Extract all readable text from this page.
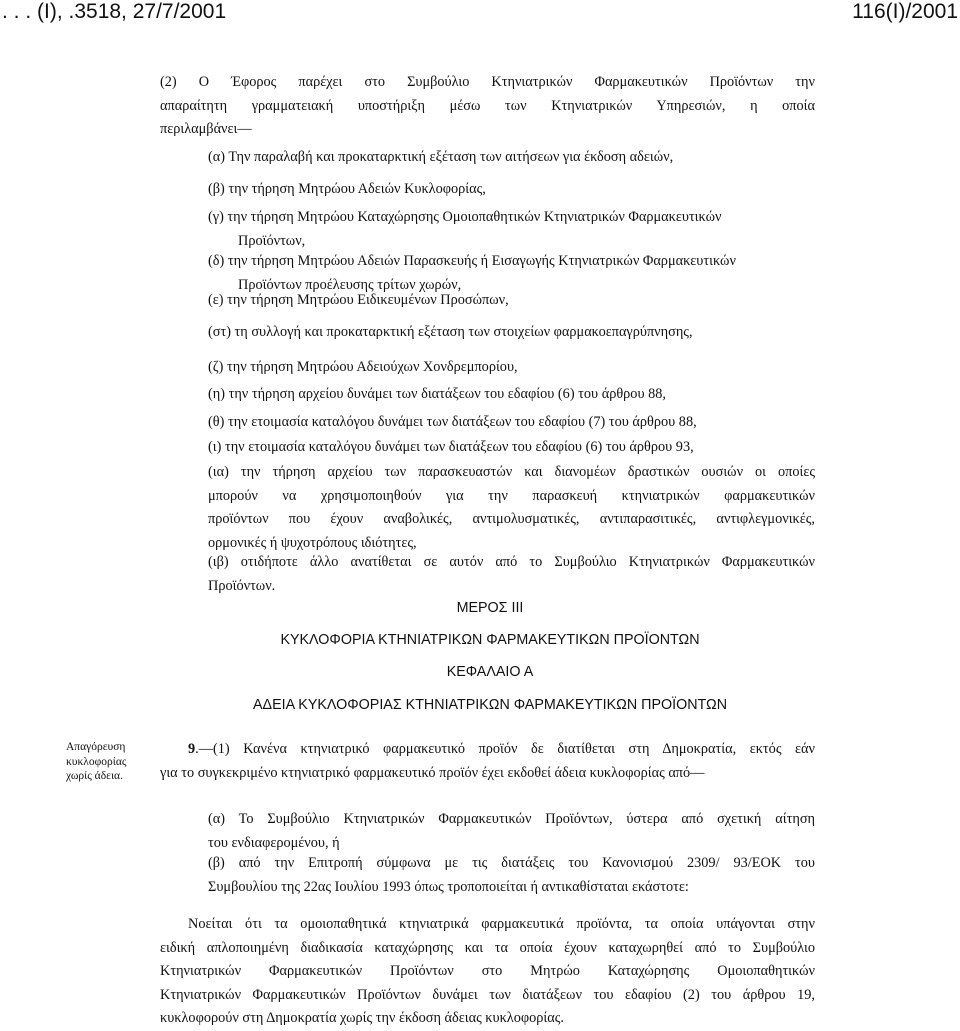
. . . (I), .3518, 27/7/2001	116(I)/2001
(2) Ο Έφορος παρέχει στο Συμβούλιο Κτηνιατρικών Φαρμακευτικών Προϊόντων την
απαραίτητη γραμματειακή υποστήριξη μέσω των Κτηνιατρικών Υπηρεσιών, η οποία
περιλαμβάνει—
(α) Την παραλαβή και προκαταρκτική εξέταση των αιτήσεων για έκδοση αδειών,
(β) την τήρηση Μητρώου Αδειών Κυκλοφορίας,
(γ) την τήρηση Μητρώου Καταχώρησης Ομοιοπαθητικών Κτηνιατρικών Φαρμακευτικών
Προϊόντων,
(δ) την τήρηση Μητρώου Αδειών Παρασκευής ή Εισαγωγής Κτηνιατρικών Φαρμακευτικών
Προϊόντων προέλευσης τρίτων χωρών,
(ε) την τήρηση Μητρώου Ειδικευμένων Προσώπων,
(στ) τη συλλογή και προκαταρκτική εξέταση των στοιχείων φαρμακοεπαγρύπνησης,
(ζ) την τήρηση Μητρώου Αδειούχων Χονδρεμπορίου,
(η) την τήρηση αρχείου δυνάμει των διατάξεων του εδαφίου (6) του άρθρου 88,
(θ) την ετοιμασία καταλόγου δυνάμει των διατάξεων του εδαφίου (7) του άρθρου 88,
(ι) την ετοιμασία καταλόγου δυνάμει των διατάξεων του εδαφίου (6) του άρθρου 93,
(ια) την τήρηση αρχείου των παρασκευαστών και διανομέων δραστικών ουσιών οι οποίες
μπορούν να χρησιμοποιηθούν για την παρασκευή κτηνιατρικών φαρμακευτικών
προϊόντων που έχουν αναβολικές, αντιμολυσματικές, αντιπαρασιτικές, αντιφλεγμονικές,
ορμονικές ή ψυχοτρόπους ιδιότητες,
(ιβ) οτιδήποτε άλλο ανατίθεται σε αυτόν από το Συμβούλιο Κτηνιατρικών Φαρμακευτικών
Προϊόντων.
ΜΕΡΟΣ ΙΙΙ
ΚΥΚΛΟΦΟΡΙΑ ΚΤΗΝΙΑΤΡΙΚΩΝ ΦΑΡΜΑΚΕΥΤΙΚΩΝ ΠΡΟΪΟΝΤΩΝ
ΚΕΦΑΛΑΙΟ Α
ΑΔΕΙΑ ΚΥΚΛΟΦΟΡΙΑΣ ΚΤΗΝΙΑΤΡΙΚΩΝ ΦΑΡΜΑΚΕΥΤΙΚΩΝ ΠΡΟΪΟΝΤΩΝ
Απαγόρευση
κυκλοφορίας
χωρίς άδεια.
9.—(1) Κανένα κτηνιατρικό φαρμακευτικό προϊόν δε διατίθεται στη Δημοκρατία, εκτός εάν
για το συγκεκριμένο κτηνιατρικό φαρμακευτικό προϊόν έχει εκδοθεί άδεια κυκλοφορίας από—
(α) Το Συμβούλιο Κτηνιατρικών Φαρμακευτικών Προϊόντων, ύστερα από σχετική αίτηση
του ενδιαφερομένου, ή
(β) από την Επιτροπή σύμφωνα με τις διατάξεις του Κανονισμού 2309/ 93/ΕΟΚ του
Συμβουλίου της 22ας Ιουλίου 1993 όπως τροποποιείται ή αντικαθίσταται εκάστοτε:
Νοείται ότι τα ομοιοπαθητικά κτηνιατρικά φαρμακευτικά προϊόντα, τα οποία υπάγονται στην
ειδική απλοποιημένη διαδικασία καταχώρησης και τα οποία έχουν καταχωρηθεί από το Συμβούλιο
Κτηνιατρικών Φαρμακευτικών Προϊόντων στο Μητρώο Καταχώρησης Ομοιοπαθητικών
Κτηνιατρικών Φαρμακευτικών Προϊόντων δυνάμει των διατάξεων του εδαφίου (2) του άρθρου 19,
κυκλοφορούν στη Δημοκρατία χωρίς την έκδοση άδειας κυκλοφορίας.
